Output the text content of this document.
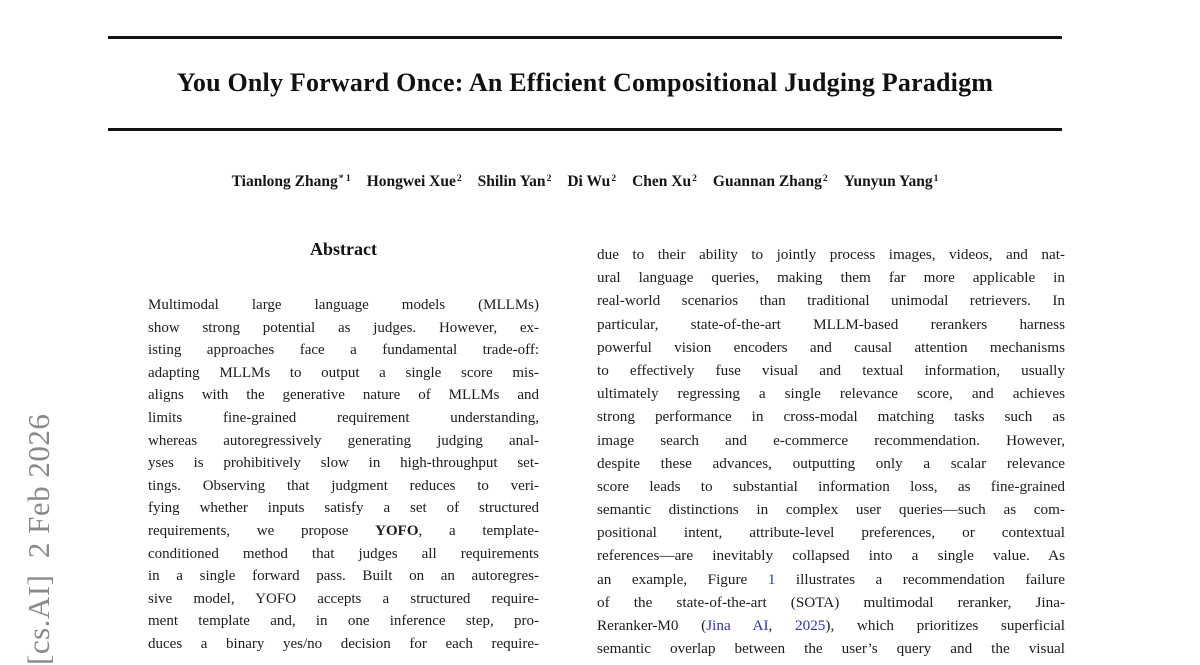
[cs.AI]  2 Feb 2026
You Only Forward Once: An Efficient Compositional Judging Paradigm
Tianlong Zhang$^{* 1}$ Hongwei Xue$^2$ Shilin Yan$^2$ Di Wu$^2$ Chen Xu$^2$ Guannan Zhang$^2$ Yunyun Yang$^1$
Abstract
Multimodal large language models (MLLMs)
show strong potential as judges. However, ex-
isting approaches face a fundamental trade-off:
adapting MLLMs to output a single score mis-
aligns with the generative nature of MLLMs and
limits fine-grained requirement understanding,
whereas autoregressively generating judging anal-
yses is prohibitively slow in high-throughput set-
tings. Observing that judgment reduces to veri-
fying whether inputs satisfy a set of structured
requirements, we propose YOFO, a template-
conditioned method that judges all requirements
in a single forward pass. Built on an autoregres-
sive model, YOFO accepts a structured require-
ment template and, in one inference step, pro-
duces a binary yes/no decision for each require-
due to their ability to jointly process images, videos, and nat-
ural language queries, making them far more applicable in
real-world scenarios than traditional unimodal retrievers. In
particular, state-of-the-art MLLM-based rerankers harness
powerful vision encoders and causal attention mechanisms
to effectively fuse visual and textual information, usually
ultimately regressing a single relevance score, and achieves
strong performance in cross-modal matching tasks such as
image search and e-commerce recommendation. However,
despite these advances, outputting only a scalar relevance
score leads to substantial information loss, as fine-grained
semantic distinctions in complex user queries—such as com-
positional intent, attribute-level preferences, or contextual
references—are inevitably collapsed into a single value. As
an example, Figure 1 illustrates a recommendation failure
of the state-of-the-art (SOTA) multimodal reranker, Jina-
Reranker-M0 (Jina AI, 2025), which prioritizes superficial
semantic overlap between the user’s query and the visual
